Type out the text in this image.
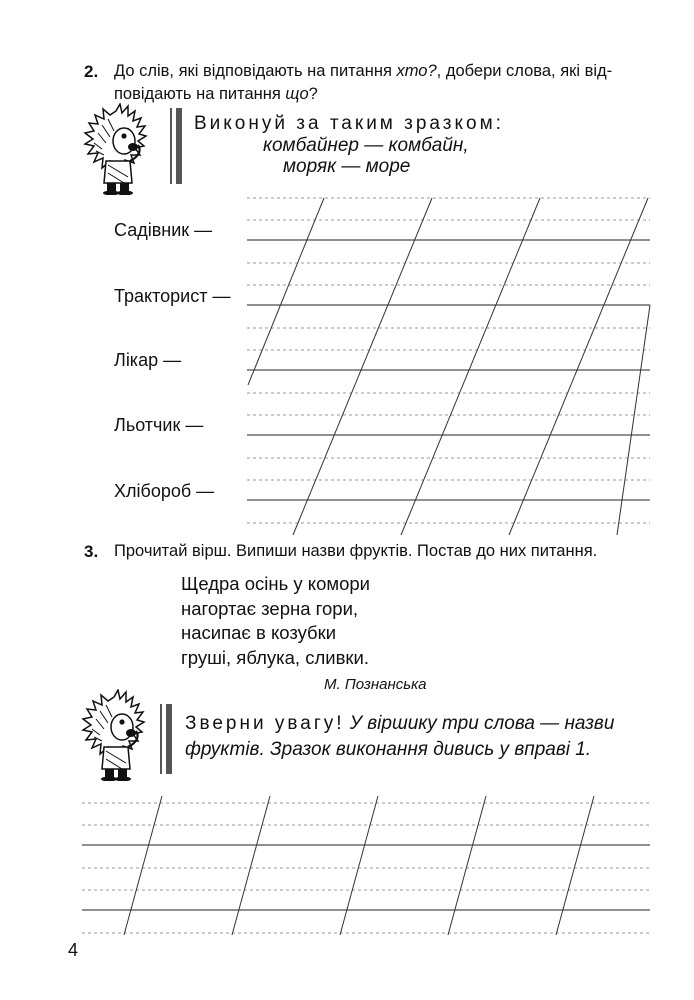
2. До слів, які відповідають на питання хто?, добери слова, які від-
повідають на питання що?
Виконуй за таким зразком:
комбайнер — комбайн,
моряк — море
Садівник —
Тракторист —
Лікар —
Льотчик —
Хлібороб —
3. Прочитай вірш. Випиши назви фруктів. Постав до них питання.
Щедра осінь у комори
нагортає зерна гори,
насипає в козубки
груші, яблука, сливки.
М. Познанська
Зверни увагу! У віршику три слова — назви
фруктів. Зразок виконання дивись у вправі 1.
4
